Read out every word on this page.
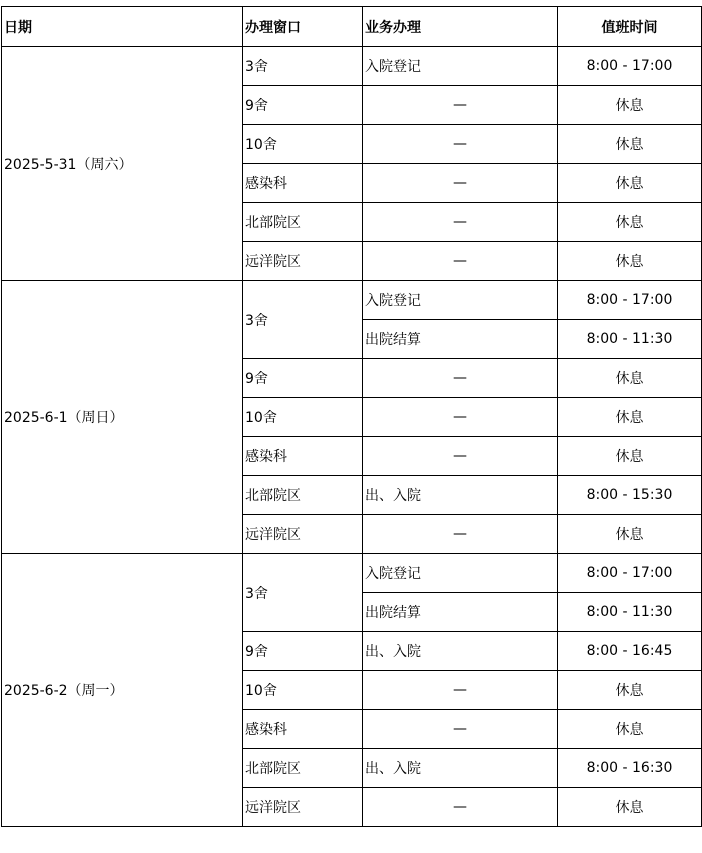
日期	办理窗口	业务办理	值班时间
2025-5-31（周六）	3舍	入院登记	8:00 - 17:00
	9舍	—	休息
	10舍	—	休息
	感染科	—	休息
	北部院区	—	休息
	远洋院区	—	休息
2025-6-1（周日）	3舍	入院登记	8:00 - 17:00
		出院结算	8:00 - 11:30
	9舍	—	休息
	10舍	—	休息
	感染科	—	休息
	北部院区	出、入院	8:00 - 15:30
	远洋院区	—	休息
2025-6-2（周一）	3舍	入院登记	8:00 - 17:00
		出院结算	8:00 - 11:30
	9舍	出、入院	8:00 - 16:45
	10舍	—	休息
	感染科	—	休息
	北部院区	出、入院	8:00 - 16:30
	远洋院区	—	休息
